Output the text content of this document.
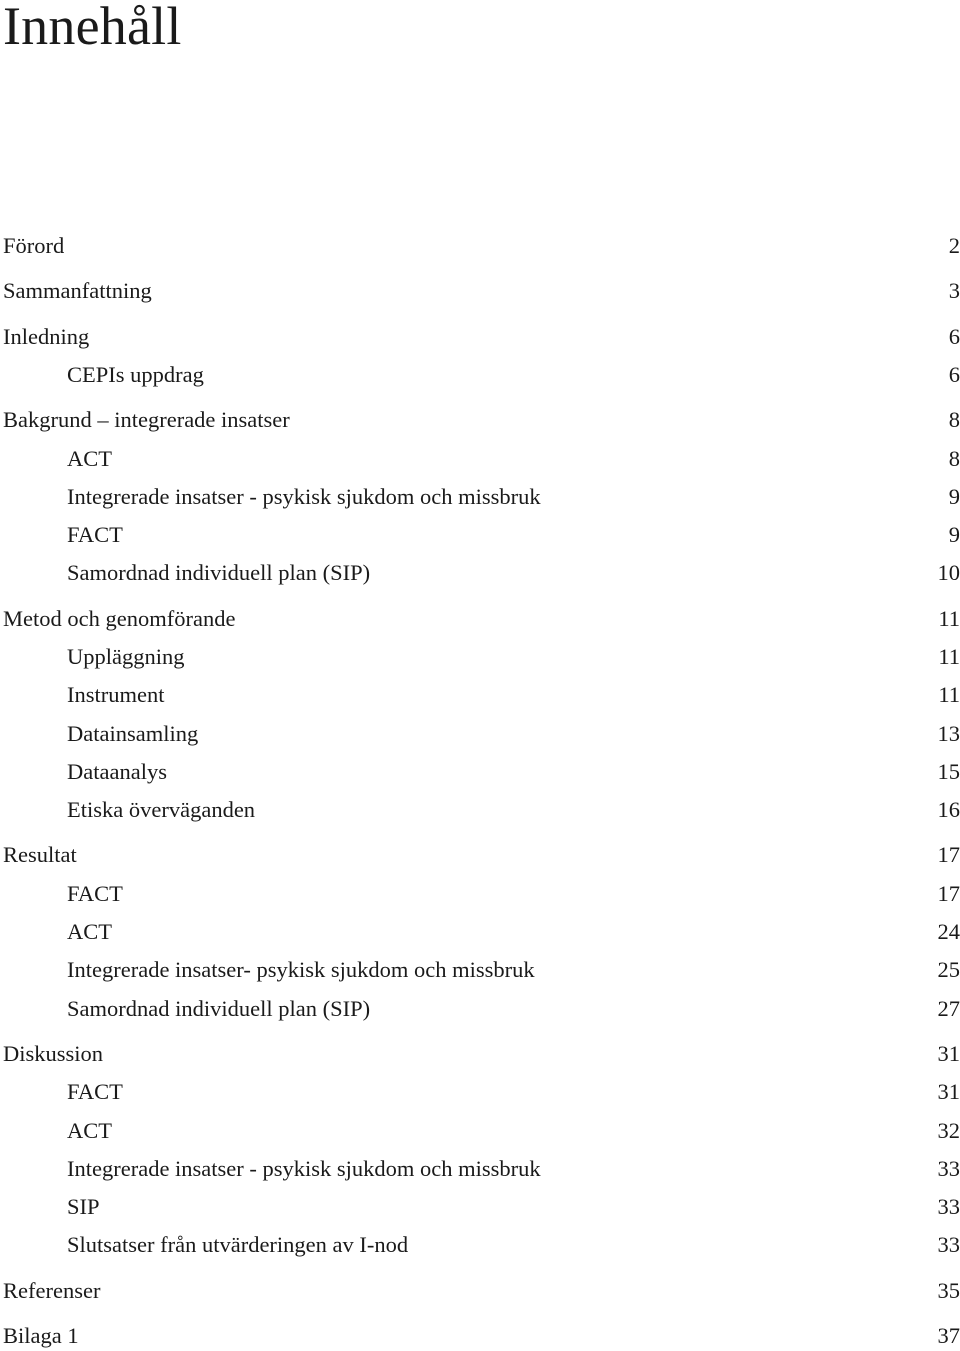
Innehåll
Förord	2
Sammanfattning	3
Inledning	6
CEPIs uppdrag	6
Bakgrund – integrerade insatser	8
ACT	8
Integrerade insatser - psykisk sjukdom och missbruk	9
FACT	9
Samordnad individuell plan (SIP)	10
Metod och genomförande	11
Uppläggning	11
Instrument	11
Datainsamling	13
Dataanalys	15
Etiska överväganden	16
Resultat	17
FACT	17
ACT	24
Integrerade insatser- psykisk sjukdom och missbruk	25
Samordnad individuell plan (SIP)	27
Diskussion	31
FACT	31
ACT	32
Integrerade insatser - psykisk sjukdom och missbruk	33
SIP	33
Slutsatser från utvärderingen av I-nod	33
Referenser	35
Bilaga 1	37
